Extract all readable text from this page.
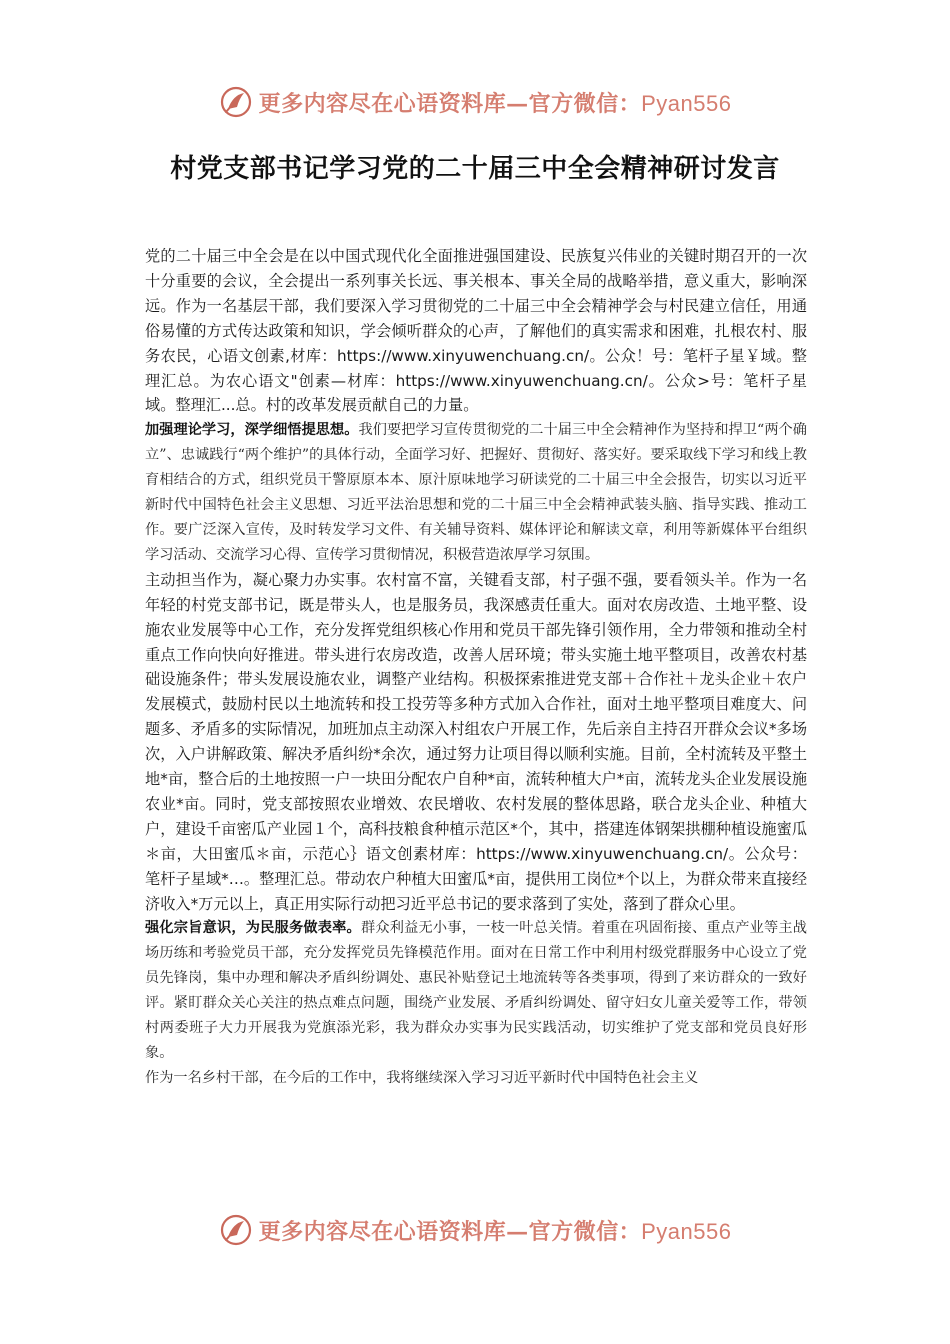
更多内容尽在心语资料库—官方微信：Pyan556
村党支部书记学习党的二十届三中全会精神研讨发言

党的二十届三中全会是在以中国式现代化全面推进强国建设、民族复兴伟业的关键时期召开的一次十分重要的会议，全会提出一系列事关长远、事关根本、事关全局的战略举措，意义重大，影响深远。作为一名基层干部，我们要深入学习贯彻党的二十届三中全会精神学会与村民建立信任，用通俗易懂的方式传达政策和知识，学会倾听群众的心声，了解他们的真实需求和困难，扎根农村、服务农民，心语文创素,材库：https://www.xinyuwenchuang.cn/。公众！号：笔杆子星￥域。整理汇总。为农心语文"创素—材库：https://www.xinyuwenchuang.cn/。公众>号：笔杆子星域。整理汇...总。村的改革发展贡献自己的力量。

加强理论学习，深学细悟提思想。我们要把学习宣传贯彻党的二十届三中全会精神作为坚持和捍卫“两个确立”、忠诚践行“两个维护”的具体行动，全面学习好、把握好、贯彻好、落实好。要采取线下学习和线上教育相结合的方式，组织党员干警原原本本、原汁原味地学习研读党的二十届三中全会报告，切实以习近平新时代中国特色社会主义思想、习近平法治思想和党的二十届三中全会精神武装头脑、指导实践、推动工作。要广泛深入宣传，及时转发学习文件、有关辅导资料、媒体评论和解读文章，利用等新媒体平台组织学习活动、交流学习心得、宣传学习贯彻情况，积极营造浓厚学习氛围。

主动担当作为，凝心聚力办实事。农村富不富，关键看支部，村子强不强，要看领头羊。作为一名年轻的村党支部书记，既是带头人，也是服务员，我深感责任重大。面对农房改造、土地平整、设施农业发展等中心工作，充分发挥党组织核心作用和党员干部先锋引领作用，全力带领和推动全村重点工作向快向好推进。带头进行农房改造，改善人居环境；带头实施土地平整项目，改善农村基础设施条件；带头发展设施农业，调整产业结构。积极探索推进党支部＋合作社＋龙头企业＋农户发展模式，鼓励村民以土地流转和投工投劳等多种方式加入合作社，面对土地平整项目难度大、问题多、矛盾多的实际情况，加班加点主动深入村组农户开展工作，先后亲自主持召开群众会议*多场次，入户讲解政策、解决矛盾纠纷*余次，通过努力让项目得以顺利实施。目前，全村流转及平整土地*亩，整合后的土地按照一户一块田分配农户自种*亩，流转种植大户*亩，流转龙头企业发展设施农业*亩。同时，党支部按照农业增效、农民增收、农村发展的整体思路，联合龙头企业、种植大户，建设千亩密瓜产业园１个，高科技粮食种植示范区*个，其中，搭建连体钢架拱棚种植设施蜜瓜＊亩，大田蜜瓜＊亩，示范心｝语文创素材库：https://www.xinyuwenchuang.cn/。公众号：笔杆子星域*…。整理汇总。带动农户种植大田蜜瓜*亩，提供用工岗位*个以上，为群众带来直接经济收入*万元以上，真正用实际行动把习近平总书记的要求落到了实处，落到了群众心里。

强化宗旨意识，为民服务做表率。群众利益无小事，一枝一叶总关情。着重在巩固衔接、重点产业等主战场历练和考验党员干部，充分发挥党员先锋模范作用。面对在日常工作中利用村级党群服务中心设立了党员先锋岗，集中办理和解决矛盾纠纷调处、惠民补贴登记土地流转等各类事项，得到了来访群众的一致好评。紧盯群众关心关注的热点难点问题，围绕产业发展、矛盾纠纷调处、留守妇女儿童关爱等工作，带领村两委班子大力开展我为党旗添光彩，我为群众办实事为民实践活动，切实维护了党支部和党员良好形象。

作为一名乡村干部，在今后的工作中，我将继续深入学习习近平新时代中国特色社会主义

更多内容尽在心语资料库—官方微信：Pyan556
